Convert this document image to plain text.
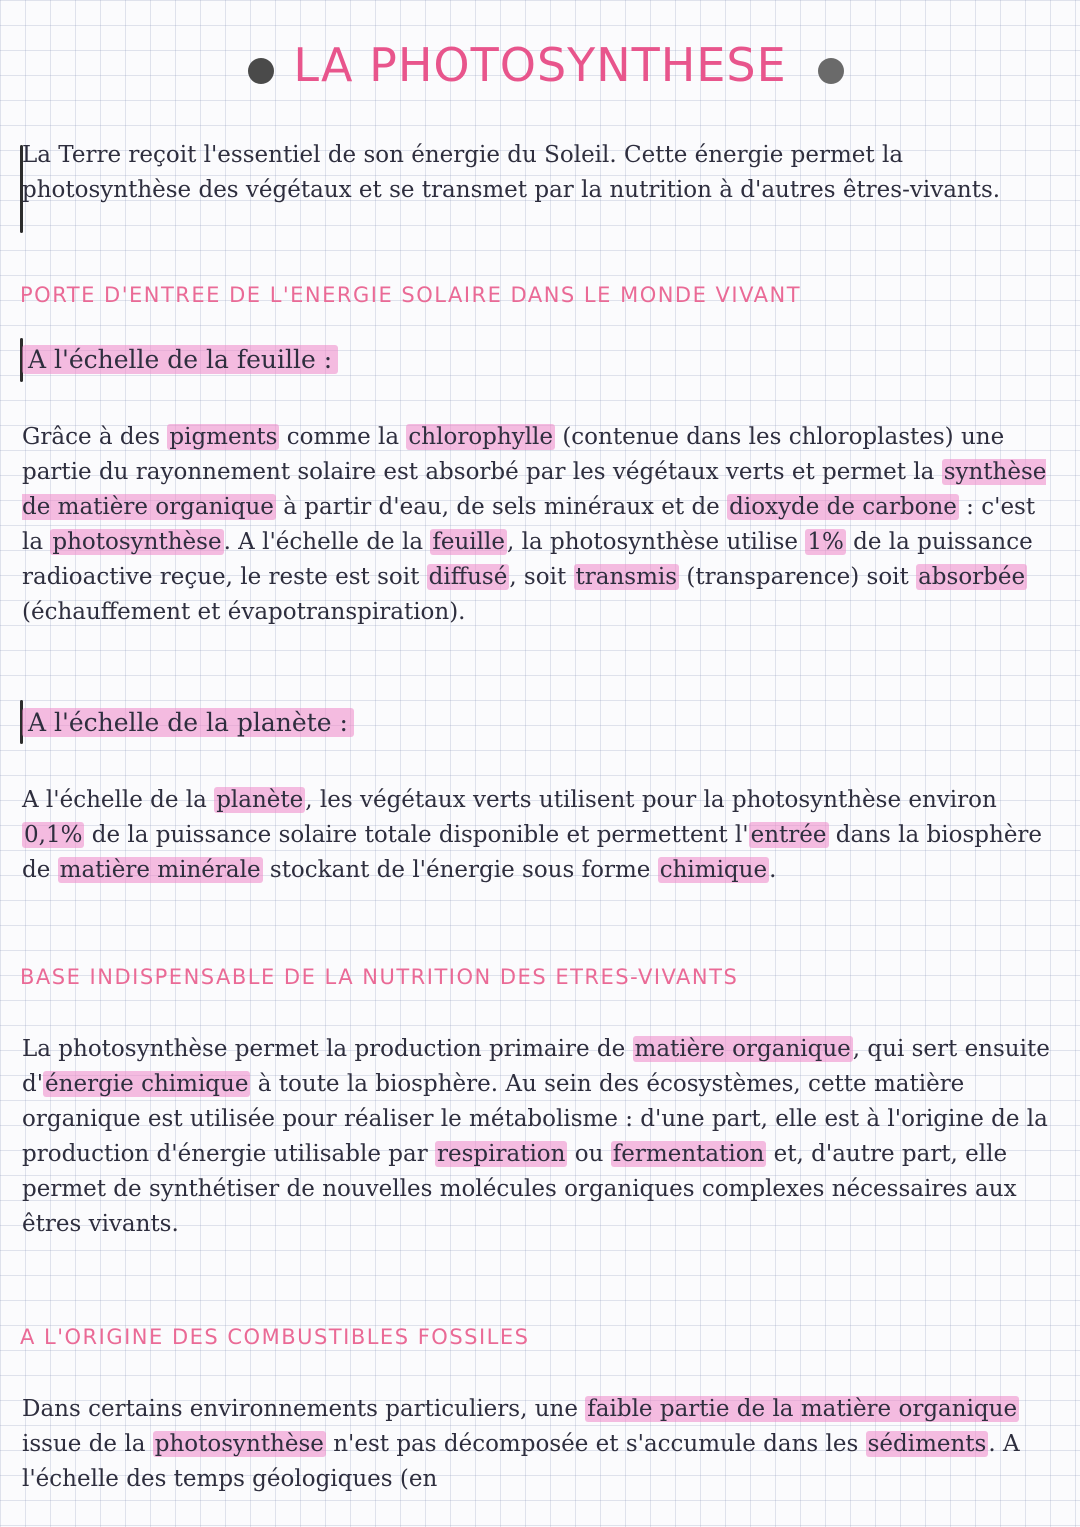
LA PHOTOSYNTHESE
La Terre reçoit l'essentiel de son énergie du Soleil. Cette énergie permet la photosynthèse des végétaux et se transmet par la nutrition à d'autres êtres-vivants.
PORTE D'ENTREE DE L'ENERGIE SOLAIRE DANS LE MONDE VIVANT
A l'échelle de la feuille :
Grâce à des pigments comme la chlorophylle (contenue dans les chloroplastes) une partie du rayonnement solaire est absorbé par les végétaux verts et permet la synthèse de matière organique à partir d'eau, de sels minéraux et de dioxyde de carbone : c'est la photosynthèse. A l'échelle de la feuille, la photosynthèse utilise 1% de la puissance radioactive reçue, le reste est soit diffusé, soit transmis (transparence) soit absorbée (échauffement et évapotranspiration).
A l'échelle de la planète :
A l'échelle de la planète, les végétaux verts utilisent pour la photosynthèse environ 0,1% de la puissance solaire totale disponible et permettent l'entrée dans la biosphère de matière minérale stockant de l'énergie sous forme chimique.
BASE INDISPENSABLE DE LA NUTRITION DES ETRES-VIVANTS
La photosynthèse permet la production primaire de matière organique, qui sert ensuite d'énergie chimique à toute la biosphère. Au sein des écosystèmes, cette matière organique est utilisée pour réaliser le métabolisme : d'une part, elle est à l'origine de la production d'énergie utilisable par respiration ou fermentation et, d'autre part, elle permet de synthétiser de nouvelles molécules organiques complexes nécessaires aux êtres vivants.
A L'ORIGINE DES COMBUSTIBLES FOSSILES
Dans certains environnements particuliers, une faible partie de la matière organique issue de la photosynthèse n'est pas décomposée et s'accumule dans les sédiments. A l'échelle des temps géologiques (en
